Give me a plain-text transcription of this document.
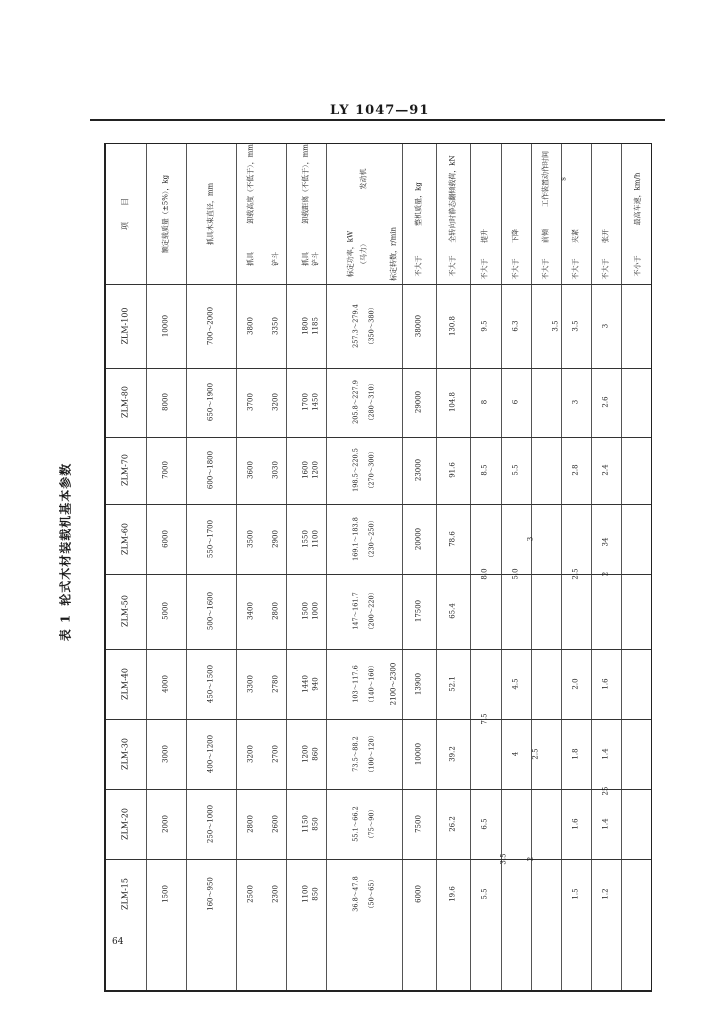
LY 1047—91
表 1轮式木材装载机基本参数
项　　目
ZLM-100
ZLM-80
ZLM-70
ZLM-60
ZLM-50
ZLM-40
ZLM-30
ZLM-20
ZLM-15
额定载质量（±5%），kg
10000
8000
7000
6000
5000
4000
3000
2000
1500
抓具木束直径，mm
700～2000
650～1900
600～1800
550～1700
500～1600
450～1500
400～1200
250～1000
160～950
卸载高度（不低于），mm
抓具
3800
3700
3600
3500
3400
3300
3200
2800
2500
铲斗
3350
3200
3030
2900
2800
2780
2700
2600
2300
卸载距离（不低于），mm
抓具
1800
1700
1600
1550
1500
1440
1200
1150
1100
铲斗
1185
1450
1200
1100
1000
940
860
850
850
发动机
标定功率，kW （马力）
257.3～279.4 （350～380）
205.8～227.9 （280～310）
198.5～220.5 （270～300）
169.1～183.8 （230～250）
147～161.7 （200～220）
103～117.6 （140～160）
73.5～88.2 （100～120）
55.1～66.2 （75～90）
36.8～47.8 （50～65）
标定转数，r/min
2100～2300
整机质量，kg
不大于
38000
29000
23000
20000
17500
13900
10000
7500
6000
全转向时静态翻倾载荷，kN
不大于
130.8
104.8
91.6
78.6
65.4
52.1
39.2
26.2
19.6
工作装置动作时间 s
提升
不大于
9.5
8
8.5
8.0
7.5
6.5
5.5
下降
不大于
6.3
6
5.5
5.0
4.5
4
3.5
前倾
不大于
3.5
3
2.5
2
夹紧
不大于
3.5
3
2.8
2.5
2.0
1.8
1.6
1.5
张开
不大于
3
2.6
2.4
2
1.6
1.4
1.4
1.2
最高车速，km/h
不小于
34
25
64
